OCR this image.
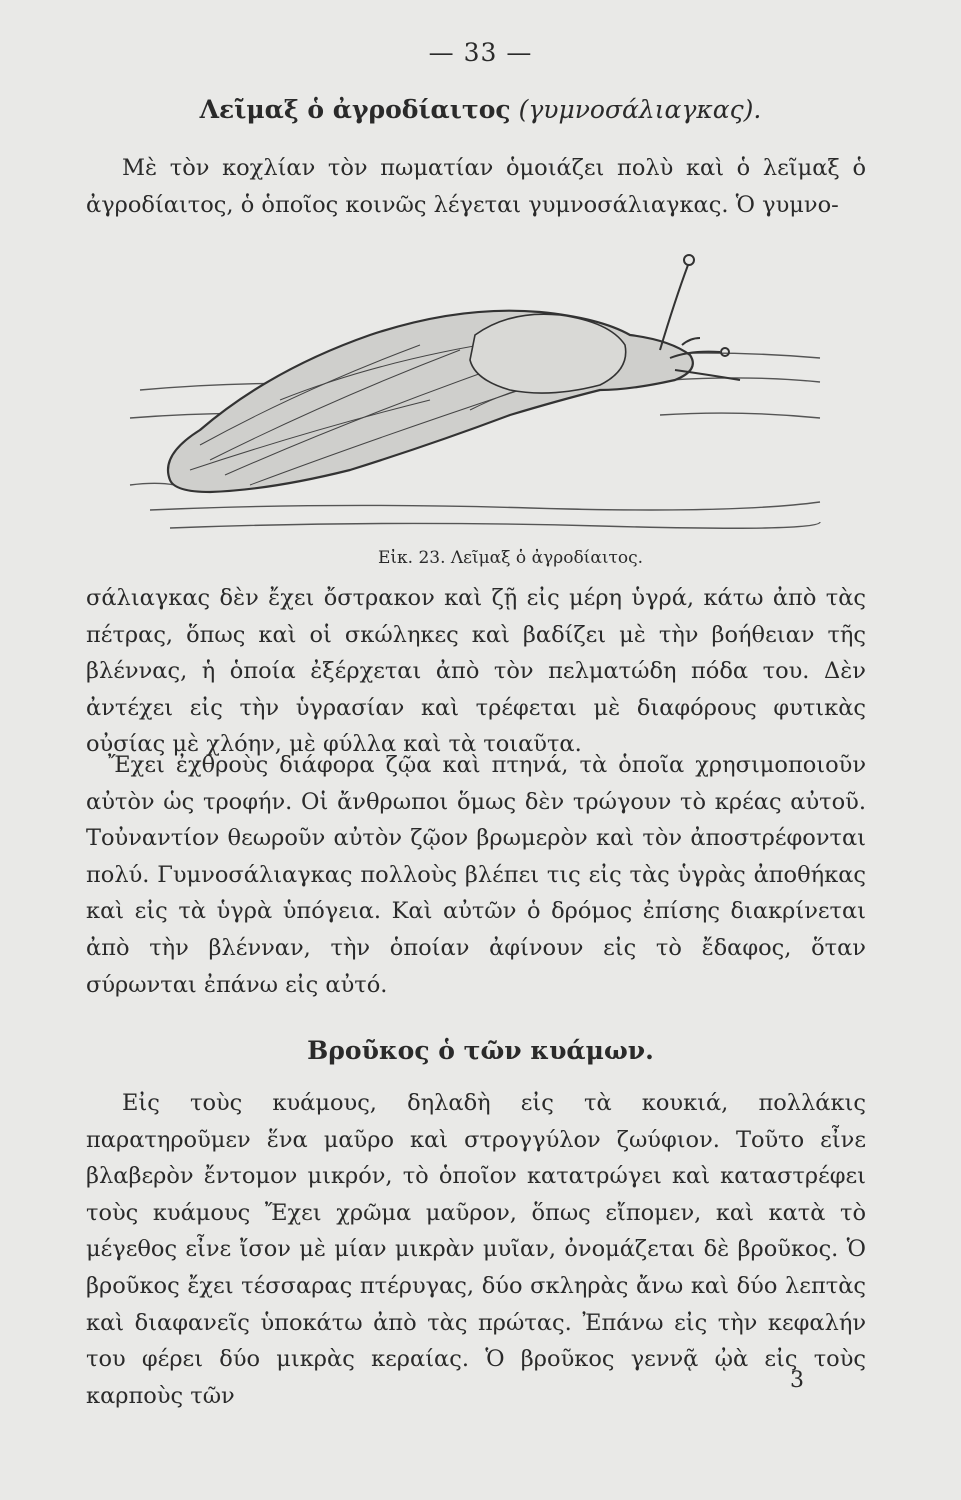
— 33 —
Λεῖμαξ ὁ ἀγροδίαιτος (γυμνοσάλιαγκας).

Μὲ τὸν κοχλίαν τὸν πωματίαν ὁμοιάζει πολὺ καὶ ὁ λεῖμαξ ὁ ἀγροδίαιτος, ὁ ὁποῖος κοινῶς λέγεται γυμνοσάλιαγκας. Ὁ γυμνο-

Εἰκ. 23. Λεῖμαξ ὁ ἀγροδίαιτος.

σάλιαγκας δὲν ἔχει ὄστρακον καὶ ζῇ εἰς μέρη ὑγρά, κάτω ἀπὸ τὰς πέτρας, ὅπως καὶ οἱ σκώληκες καὶ βαδίζει μὲ τὴν βοήθειαν τῆς βλέννας, ἡ ὁποία ἐξέρχεται ἀπὸ τὸν πελματώδη πόδα του. Δὲν ἀντέχει εἰς τὴν ὑγρασίαν καὶ τρέφεται μὲ διαφόρους φυτικὰς οὐσίας μὲ χλόην, μὲ φύλλα καὶ τὰ τοιαῦτα.

Ἔχει ἐχθροὺς διάφορα ζῷα καὶ πτηνά, τὰ ὁποῖα χρησιμοποιοῦν αὐτὸν ὡς τροφήν. Οἱ ἄνθρωποι ὅμως δὲν τρώγουν τὸ κρέας αὐτοῦ. Τοὐναντίον θεωροῦν αὐτὸν ζῷον βρωμερὸν καὶ τὸν ἀποστρέφονται πολύ. Γυμνοσάλιαγκας πολλοὺς βλέπει τις εἰς τὰς ὑγρὰς ἀποθήκας καὶ εἰς τὰ ὑγρὰ ὑπόγεια. Καὶ αὐτῶν ὁ δρόμος ἐπίσης διακρίνεται ἀπὸ τὴν βλένναν, τὴν ὁποίαν ἀφίνουν εἰς τὸ ἔδαφος, ὅταν σύρωνται ἐπάνω εἰς αὐτό.

Βροῦκος ὁ τῶν κυάμων.

Εἰς τοὺς κυάμους, δηλαδὴ εἰς τὰ κουκιά, πολλάκις παρατηροῦμεν ἕνα μαῦρο καὶ στρογγύλον ζωύφιον. Τοῦτο εἶνε βλαβερὸν ἔντομον μικρόν, τὸ ὁποῖον κατατρώγει καὶ καταστρέφει τοὺς κυάμους Ἔχει χρῶμα μαῦρον, ὅπως εἴπομεν, καὶ κατὰ τὸ μέγεθος εἶνε ἴσον μὲ μίαν μικρὰν μυῖαν, ὀνομάζεται δὲ βροῦκος. Ὁ βροῦκος ἔχει τέσσαρας πτέρυγας, δύο σκληρὰς ἄνω καὶ δύο λεπτὰς καὶ διαφανεῖς ὑποκάτω ἀπὸ τὰς πρώτας. Ἐπάνω εἰς τὴν κεφαλήν του φέρει δύο μικρὰς κεραίας. Ὁ βροῦκος γεννᾷ ᾠὰ εἰς τοὺς καρποὺς τῶν

3
